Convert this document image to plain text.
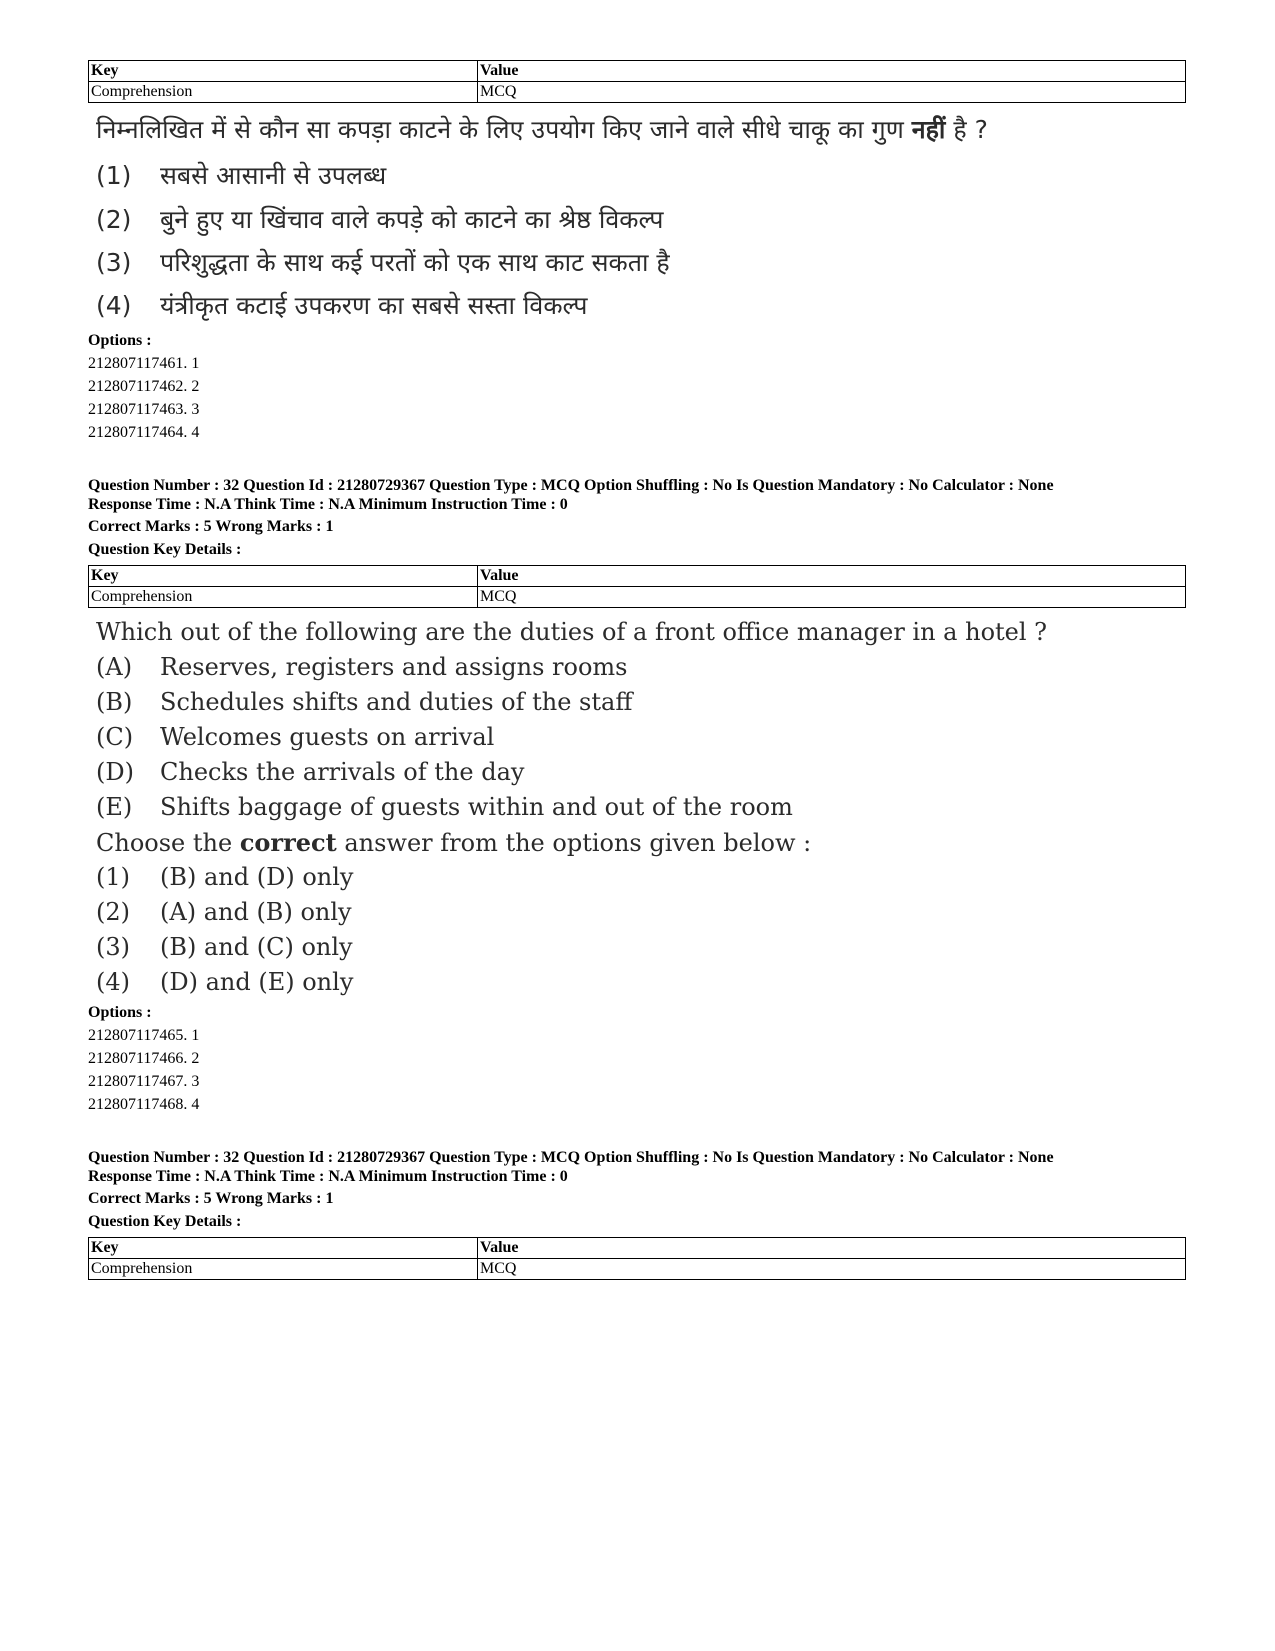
Key	Value
Comprehension	MCQ
निम्नलिखित में से कौन सा कपड़ा काटने के लिए उपयोग किए जाने वाले सीधे चाकू का गुण नहीं है ?
(1) सबसे आसानी से उपलब्ध
(2) बुने हुए या खिंचाव वाले कपड़े को काटने का श्रेष्ठ विकल्प
(3) परिशुद्धता के साथ कई परतों को एक साथ काट सकता है
(4) यंत्रीकृत कटाई उपकरण का सबसे सस्ता विकल्प
Options :
212807117461. 1
212807117462. 2
212807117463. 3
212807117464. 4
Question Number : 32 Question Id : 21280729367 Question Type : MCQ Option Shuffling : No Is Question Mandatory : No Calculator : None
Response Time : N.A Think Time : N.A Minimum Instruction Time : 0
Correct Marks : 5 Wrong Marks : 1
Question Key Details :
Key	Value
Comprehension	MCQ
Which out of the following are the duties of a front office manager in a hotel ?
(A) Reserves, registers and assigns rooms
(B) Schedules shifts and duties of the staff
(C) Welcomes guests on arrival
(D) Checks the arrivals of the day
(E) Shifts baggage of guests within and out of the room
Choose the correct answer from the options given below :
(1) (B) and (D) only
(2) (A) and (B) only
(3) (B) and (C) only
(4) (D) and (E) only
Options :
212807117465. 1
212807117466. 2
212807117467. 3
212807117468. 4
Question Number : 32 Question Id : 21280729367 Question Type : MCQ Option Shuffling : No Is Question Mandatory : No Calculator : None
Response Time : N.A Think Time : N.A Minimum Instruction Time : 0
Correct Marks : 5 Wrong Marks : 1
Question Key Details :
Key	Value
Comprehension	MCQ
